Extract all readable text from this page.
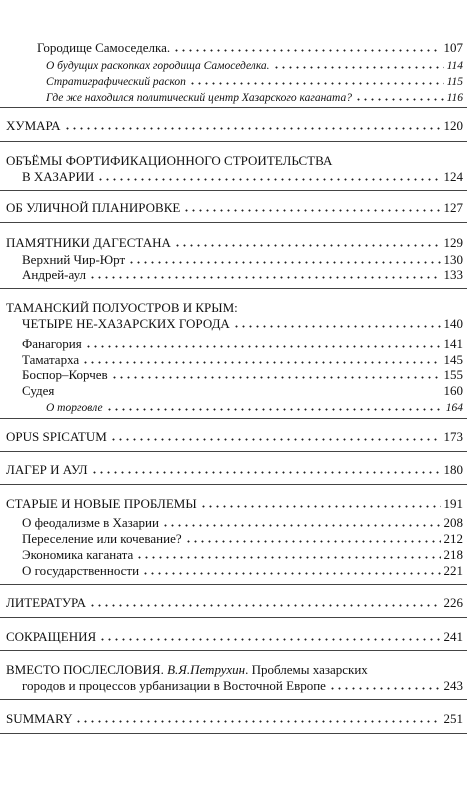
Городище Самоседелка.	107
О будущих раскопках городища Самоседелка.	114
Стратиграфический раскоп	115
Где же находился политический центр Хазарского каганата?	116
ХУМАРА	120
ОБЪЁМЫ ФОРТИФИКАЦИОННОГО СТРОИТЕЛЬСТВА
В ХАЗАРИИ	124
ОБ УЛИЧНОЙ ПЛАНИРОВКЕ	127
ПАМЯТНИКИ ДАГЕСТАНА	129
Верхний Чир-Юрт	130
Андрей-аул	133
ТАМАНСКИЙ ПОЛУОСТРОВ И КРЫМ:
ЧЕТЫРЕ НЕ-ХАЗАРСКИХ ГОРОДА	140
Фанагория	141
Таматарха	145
Боспор–Корчев	155
Судея	160
О торговле	164
OPUS SPICATUM	173
ЛАГЕР И АУЛ	180
СТАРЫЕ И НОВЫЕ ПРОБЛЕМЫ	191
О феодализме в Хазарии	208
Переселение или кочевание?	212
Экономика каганата	218
О государственности	221
ЛИТЕРАТУРА	226
СОКРАЩЕНИЯ	241
ВМЕСТО ПОСЛЕСЛОВИЯ. В.Я.Петрухин. Проблемы хазарских
городов и процессов урбанизации в Восточной Европе	243
SUMMARY	251
